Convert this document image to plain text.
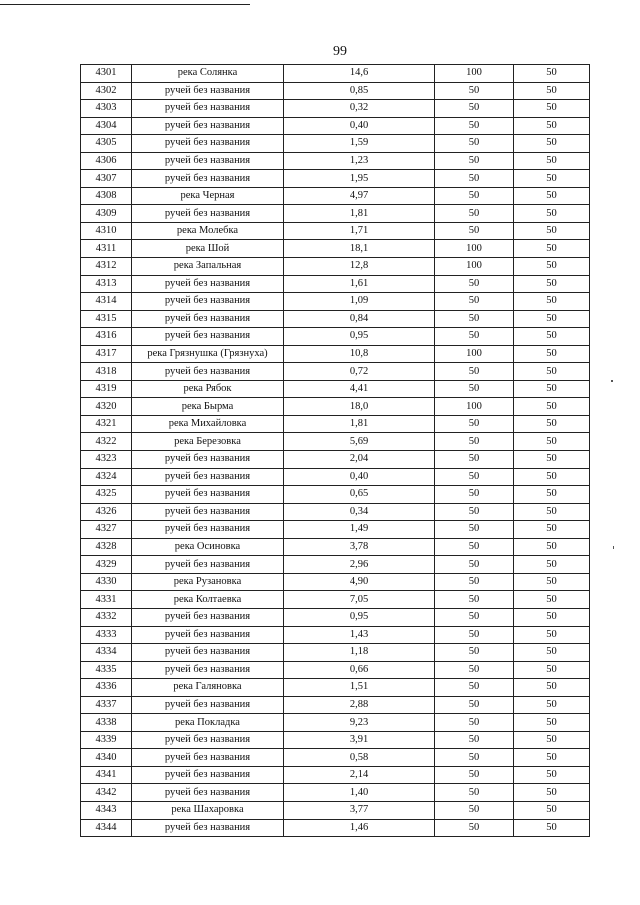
99
4301	река Солянка	14,6	100	50
4302	ручей без названия	0,85	50	50
4303	ручей без названия	0,32	50	50
4304	ручей без названия	0,40	50	50
4305	ручей без названия	1,59	50	50
4306	ручей без названия	1,23	50	50
4307	ручей без названия	1,95	50	50
4308	река Черная	4,97	50	50
4309	ручей без названия	1,81	50	50
4310	река Молебка	1,71	50	50
4311	река Шой	18,1	100	50
4312	река Запальная	12,8	100	50
4313	ручей без названия	1,61	50	50
4314	ручей без названия	1,09	50	50
4315	ручей без названия	0,84	50	50
4316	ручей без названия	0,95	50	50
4317	река Грязнушка (Грязнуха)	10,8	100	50
4318	ручей без названия	0,72	50	50
4319	река Рябок	4,41	50	50
4320	река Бырма	18,0	100	50
4321	река Михайловка	1,81	50	50
4322	река Березовка	5,69	50	50
4323	ручей без названия	2,04	50	50
4324	ручей без названия	0,40	50	50
4325	ручей без названия	0,65	50	50
4326	ручей без названия	0,34	50	50
4327	ручей без названия	1,49	50	50
4328	река Осиновка	3,78	50	50
4329	ручей без названия	2,96	50	50
4330	река Рузановка	4,90	50	50
4331	река Колтаевка	7,05	50	50
4332	ручей без названия	0,95	50	50
4333	ручей без названия	1,43	50	50
4334	ручей без названия	1,18	50	50
4335	ручей без названия	0,66	50	50
4336	река Галяновка	1,51	50	50
4337	ручей без названия	2,88	50	50
4338	река Покладка	9,23	50	50
4339	ручей без названия	3,91	50	50
4340	ручей без названия	0,58	50	50
4341	ручей без названия	2,14	50	50
4342	ручей без названия	1,40	50	50
4343	река Шахаровка	3,77	50	50
4344	ручей без названия	1,46	50	50
